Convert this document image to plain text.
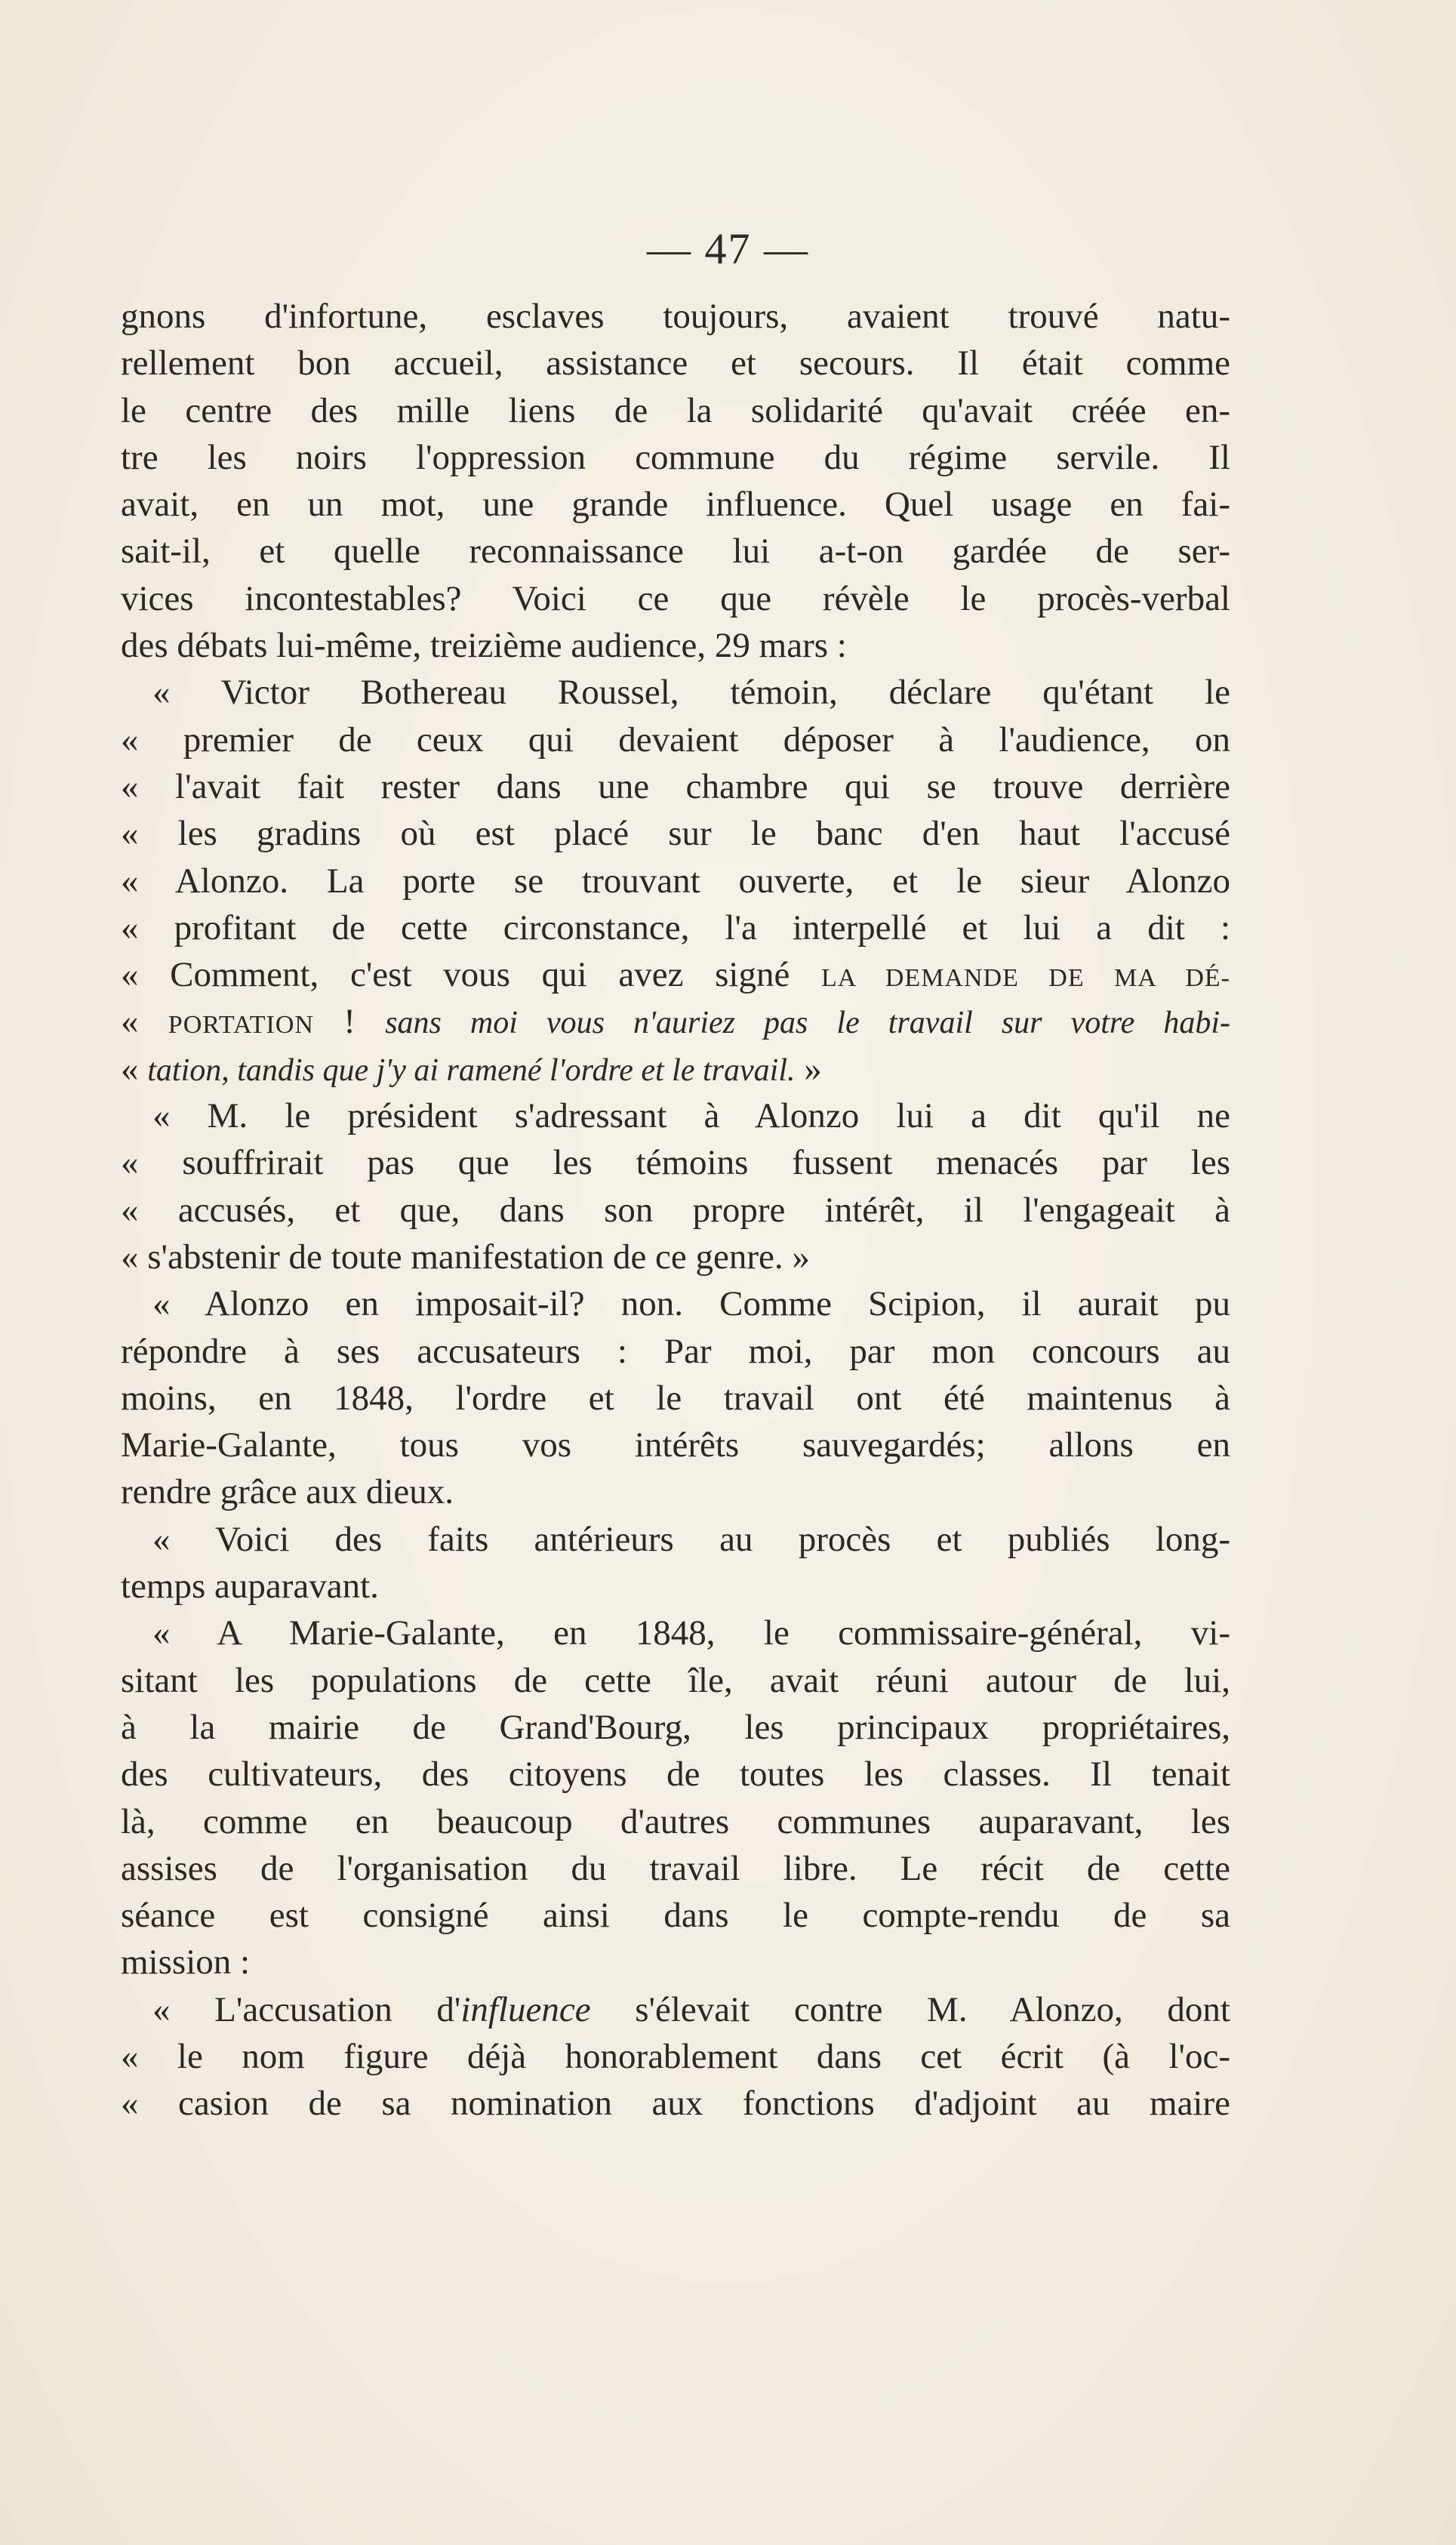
— 47 —
gnons d'infortune, esclaves toujours, avaient trouvé natu-
rellement bon accueil, assistance et secours. Il était comme
le centre des mille liens de la solidarité qu'avait créée en-
tre les noirs l'oppression commune du régime servile. Il
avait, en un mot, une grande influence. Quel usage en fai-
sait-il, et quelle reconnaissance lui a-t-on gardée de ser-
vices incontestables? Voici ce que révèle le procès-verbal
des débats lui-même, treizième audience, 29 mars :
« Victor Bothereau Roussel, témoin, déclare qu'étant le
« premier de ceux qui devaient déposer à l'audience, on
« l'avait fait rester dans une chambre qui se trouve derrière
« les gradins où est placé sur le banc d'en haut l'accusé
« Alonzo. La porte se trouvant ouverte, et le sieur Alonzo
« profitant de cette circonstance, l'a interpellé et lui a dit :
« Comment, c'est vous qui avez signé LA DEMANDE DE MA DÉ-
« PORTATION ! sans moi vous n'auriez pas le travail sur votre habi-
« tation, tandis que j'y ai ramené l'ordre et le travail. »
« M. le président s'adressant à Alonzo lui a dit qu'il ne
« souffrirait pas que les témoins fussent menacés par les
« accusés, et que, dans son propre intérêt, il l'engageait à
« s'abstenir de toute manifestation de ce genre. »
« Alonzo en imposait-il? non. Comme Scipion, il aurait pu
répondre à ses accusateurs : Par moi, par mon concours au
moins, en 1848, l'ordre et le travail ont été maintenus à
Marie-Galante, tous vos intérêts sauvegardés; allons en
rendre grâce aux dieux.
« Voici des faits antérieurs au procès et publiés long-
temps auparavant.
« A Marie-Galante, en 1848, le commissaire-général, vi-
sitant les populations de cette île, avait réuni autour de lui,
à la mairie de Grand'Bourg, les principaux propriétaires,
des cultivateurs, des citoyens de toutes les classes. Il tenait
là, comme en beaucoup d'autres communes auparavant, les
assises de l'organisation du travail libre. Le récit de cette
séance est consigné ainsi dans le compte-rendu de sa
mission :
« L'accusation d'influence s'élevait contre M. Alonzo, dont
« le nom figure déjà honorablement dans cet écrit (à l'oc-
« casion de sa nomination aux fonctions d'adjoint au maire
